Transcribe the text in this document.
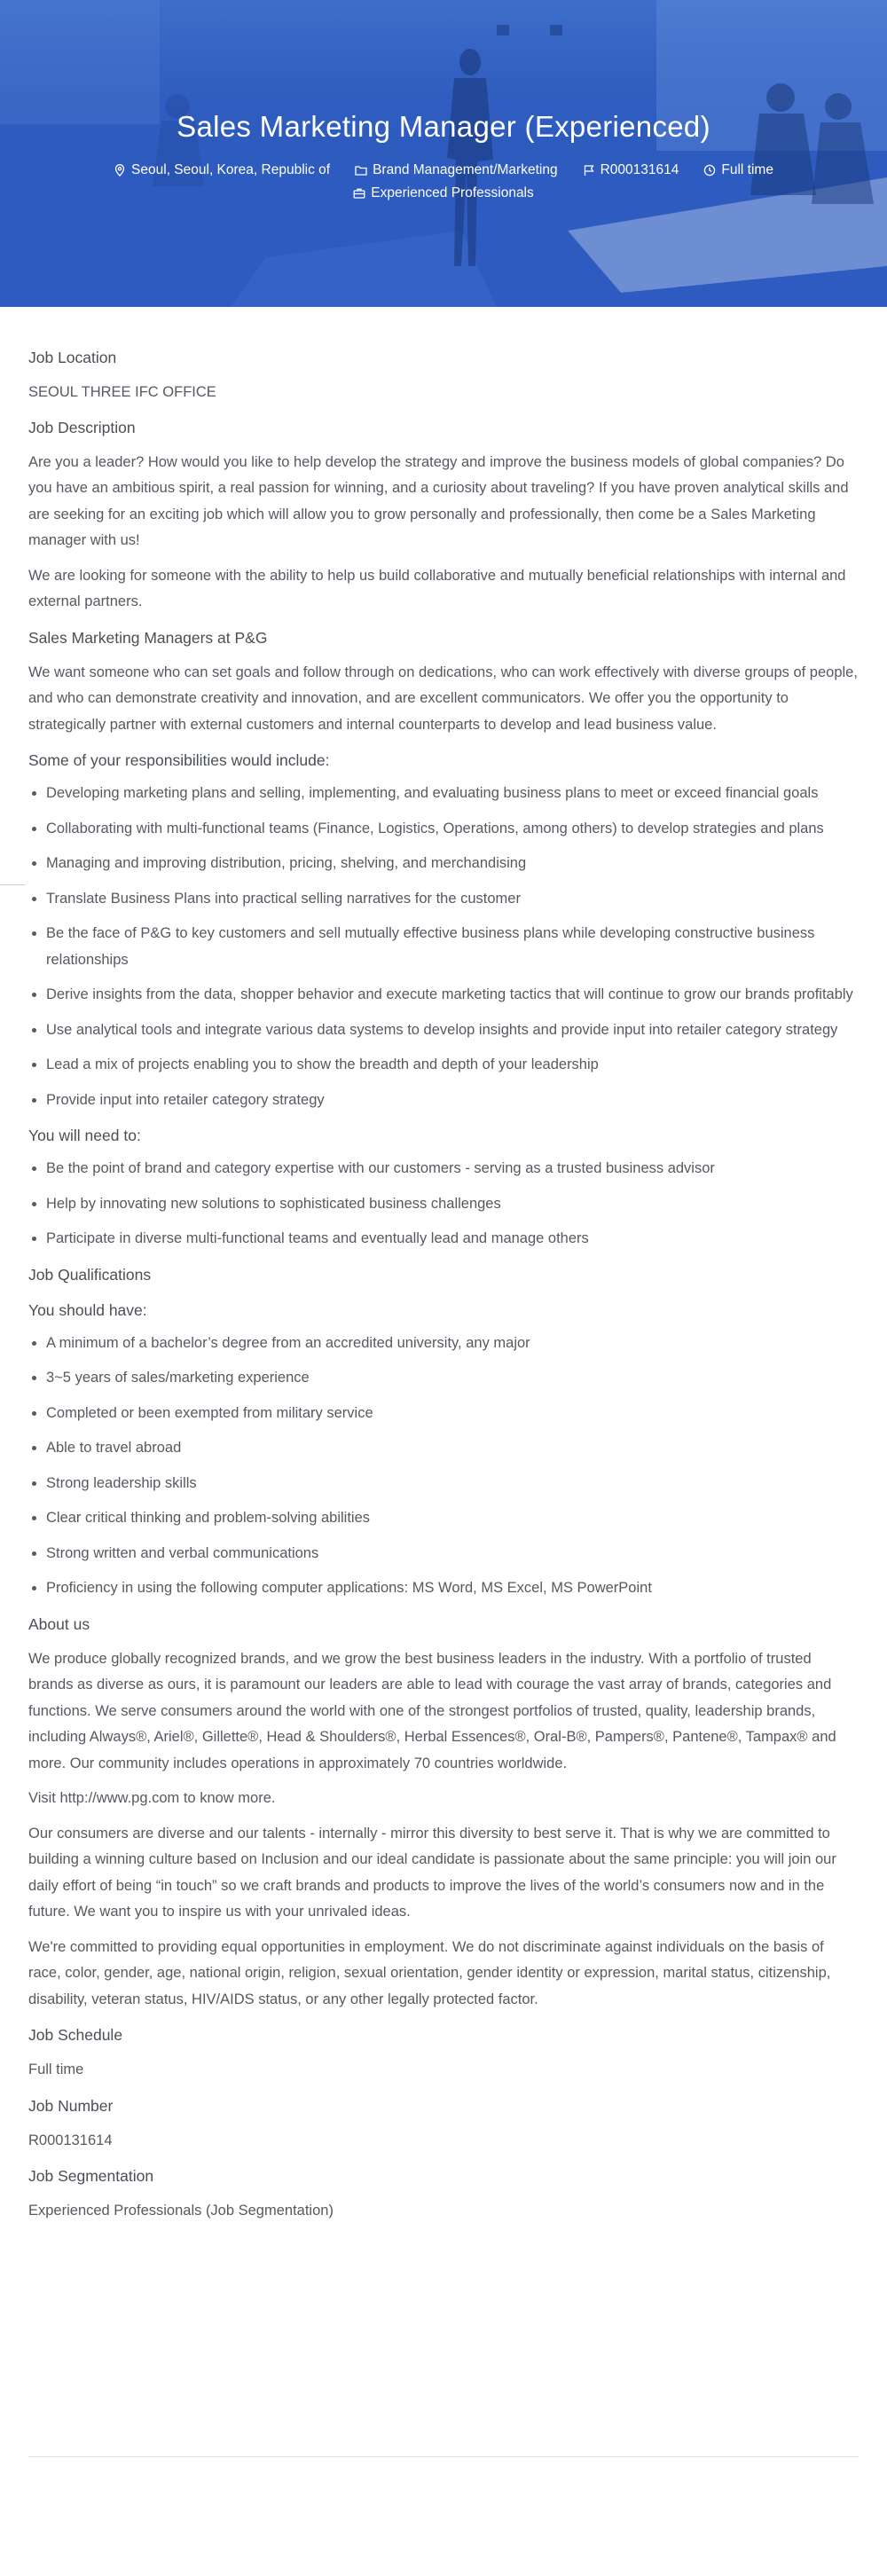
Sales Marketing Manager (Experienced)
Seoul, Seoul, Korea, Republic of	Brand Management/Marketing	R000131614	Full time
Experienced Professionals
Job Location

SEOUL THREE IFC OFFICE

Job Description

Are you a leader? How would you like to help develop the strategy and improve the business models of global companies? Do you have an ambitious spirit, a real passion for winning, and a curiosity about traveling? If you have proven analytical skills and are seeking for an exciting job which will allow you to grow personally and professionally, then come be a Sales Marketing manager with us!

We are looking for someone with the ability to help us build collaborative and mutually beneficial relationships with internal and external partners.

Sales Marketing Managers at P&G

We want someone who can set goals and follow through on dedications, who can work effectively with diverse groups of people, and who can demonstrate creativity and innovation, and are excellent communicators. We offer you the opportunity to strategically partner with external customers and internal counterparts to develop and lead business value.

Some of your responsibilities would include:
• Developing marketing plans and selling, implementing, and evaluating business plans to meet or exceed financial goals
• Collaborating with multi-functional teams (Finance, Logistics, Operations, among others) to develop strategies and plans
• Managing and improving distribution, pricing, shelving, and merchandising
• Translate Business Plans into practical selling narratives for the customer
• Be the face of P&G to key customers and sell mutually effective business plans while developing constructive business relationships
• Derive insights from the data, shopper behavior and execute marketing tactics that will continue to grow our brands profitably
• Use analytical tools and integrate various data systems to develop insights and provide input into retailer category strategy
• Lead a mix of projects enabling you to show the breadth and depth of your leadership
• Provide input into retailer category strategy
You will need to:
• Be the point of brand and category expertise with our customers - serving as a trusted business advisor
• Help by innovating new solutions to sophisticated business challenges
• Participate in diverse multi-functional teams and eventually lead and manage others
Job Qualifications
You should have:
• A minimum of a bachelor’s degree from an accredited university, any major
• 3~5 years of sales/marketing experience
• Completed or been exempted from military service
• Able to travel abroad
• Strong leadership skills
• Clear critical thinking and problem-solving abilities
• Strong written and verbal communications
• Proficiency in using the following computer applications: MS Word, MS Excel, MS PowerPoint
About us

We produce globally recognized brands, and we grow the best business leaders in the industry. With a portfolio of trusted brands as diverse as ours, it is paramount our leaders are able to lead with courage the vast array of brands, categories and functions. We serve consumers around the world with one of the strongest portfolios of trusted, quality, leadership brands, including Always®, Ariel®, Gillette®, Head & Shoulders®, Herbal Essences®, Oral-B®, Pampers®, Pantene®, Tampax® and more. Our community includes operations in approximately 70 countries worldwide.

Visit http://www.pg.com to know more.

Our consumers are diverse and our talents - internally - mirror this diversity to best serve it. That is why we are committed to building a winning culture based on Inclusion and our ideal candidate is passionate about the same principle: you will join our daily effort of being “in touch” so we craft brands and products to improve the lives of the world’s consumers now and in the future. We want you to inspire us with your unrivaled ideas.

We're committed to providing equal opportunities in employment. We do not discriminate against individuals on the basis of race, color, gender, age, national origin, religion, sexual orientation, gender identity or expression, marital status, citizenship, disability, veteran status, HIV/AIDS status, or any other legally protected factor.

Job Schedule

Full time

Job Number

R000131614

Job Segmentation

Experienced Professionals (Job Segmentation)
